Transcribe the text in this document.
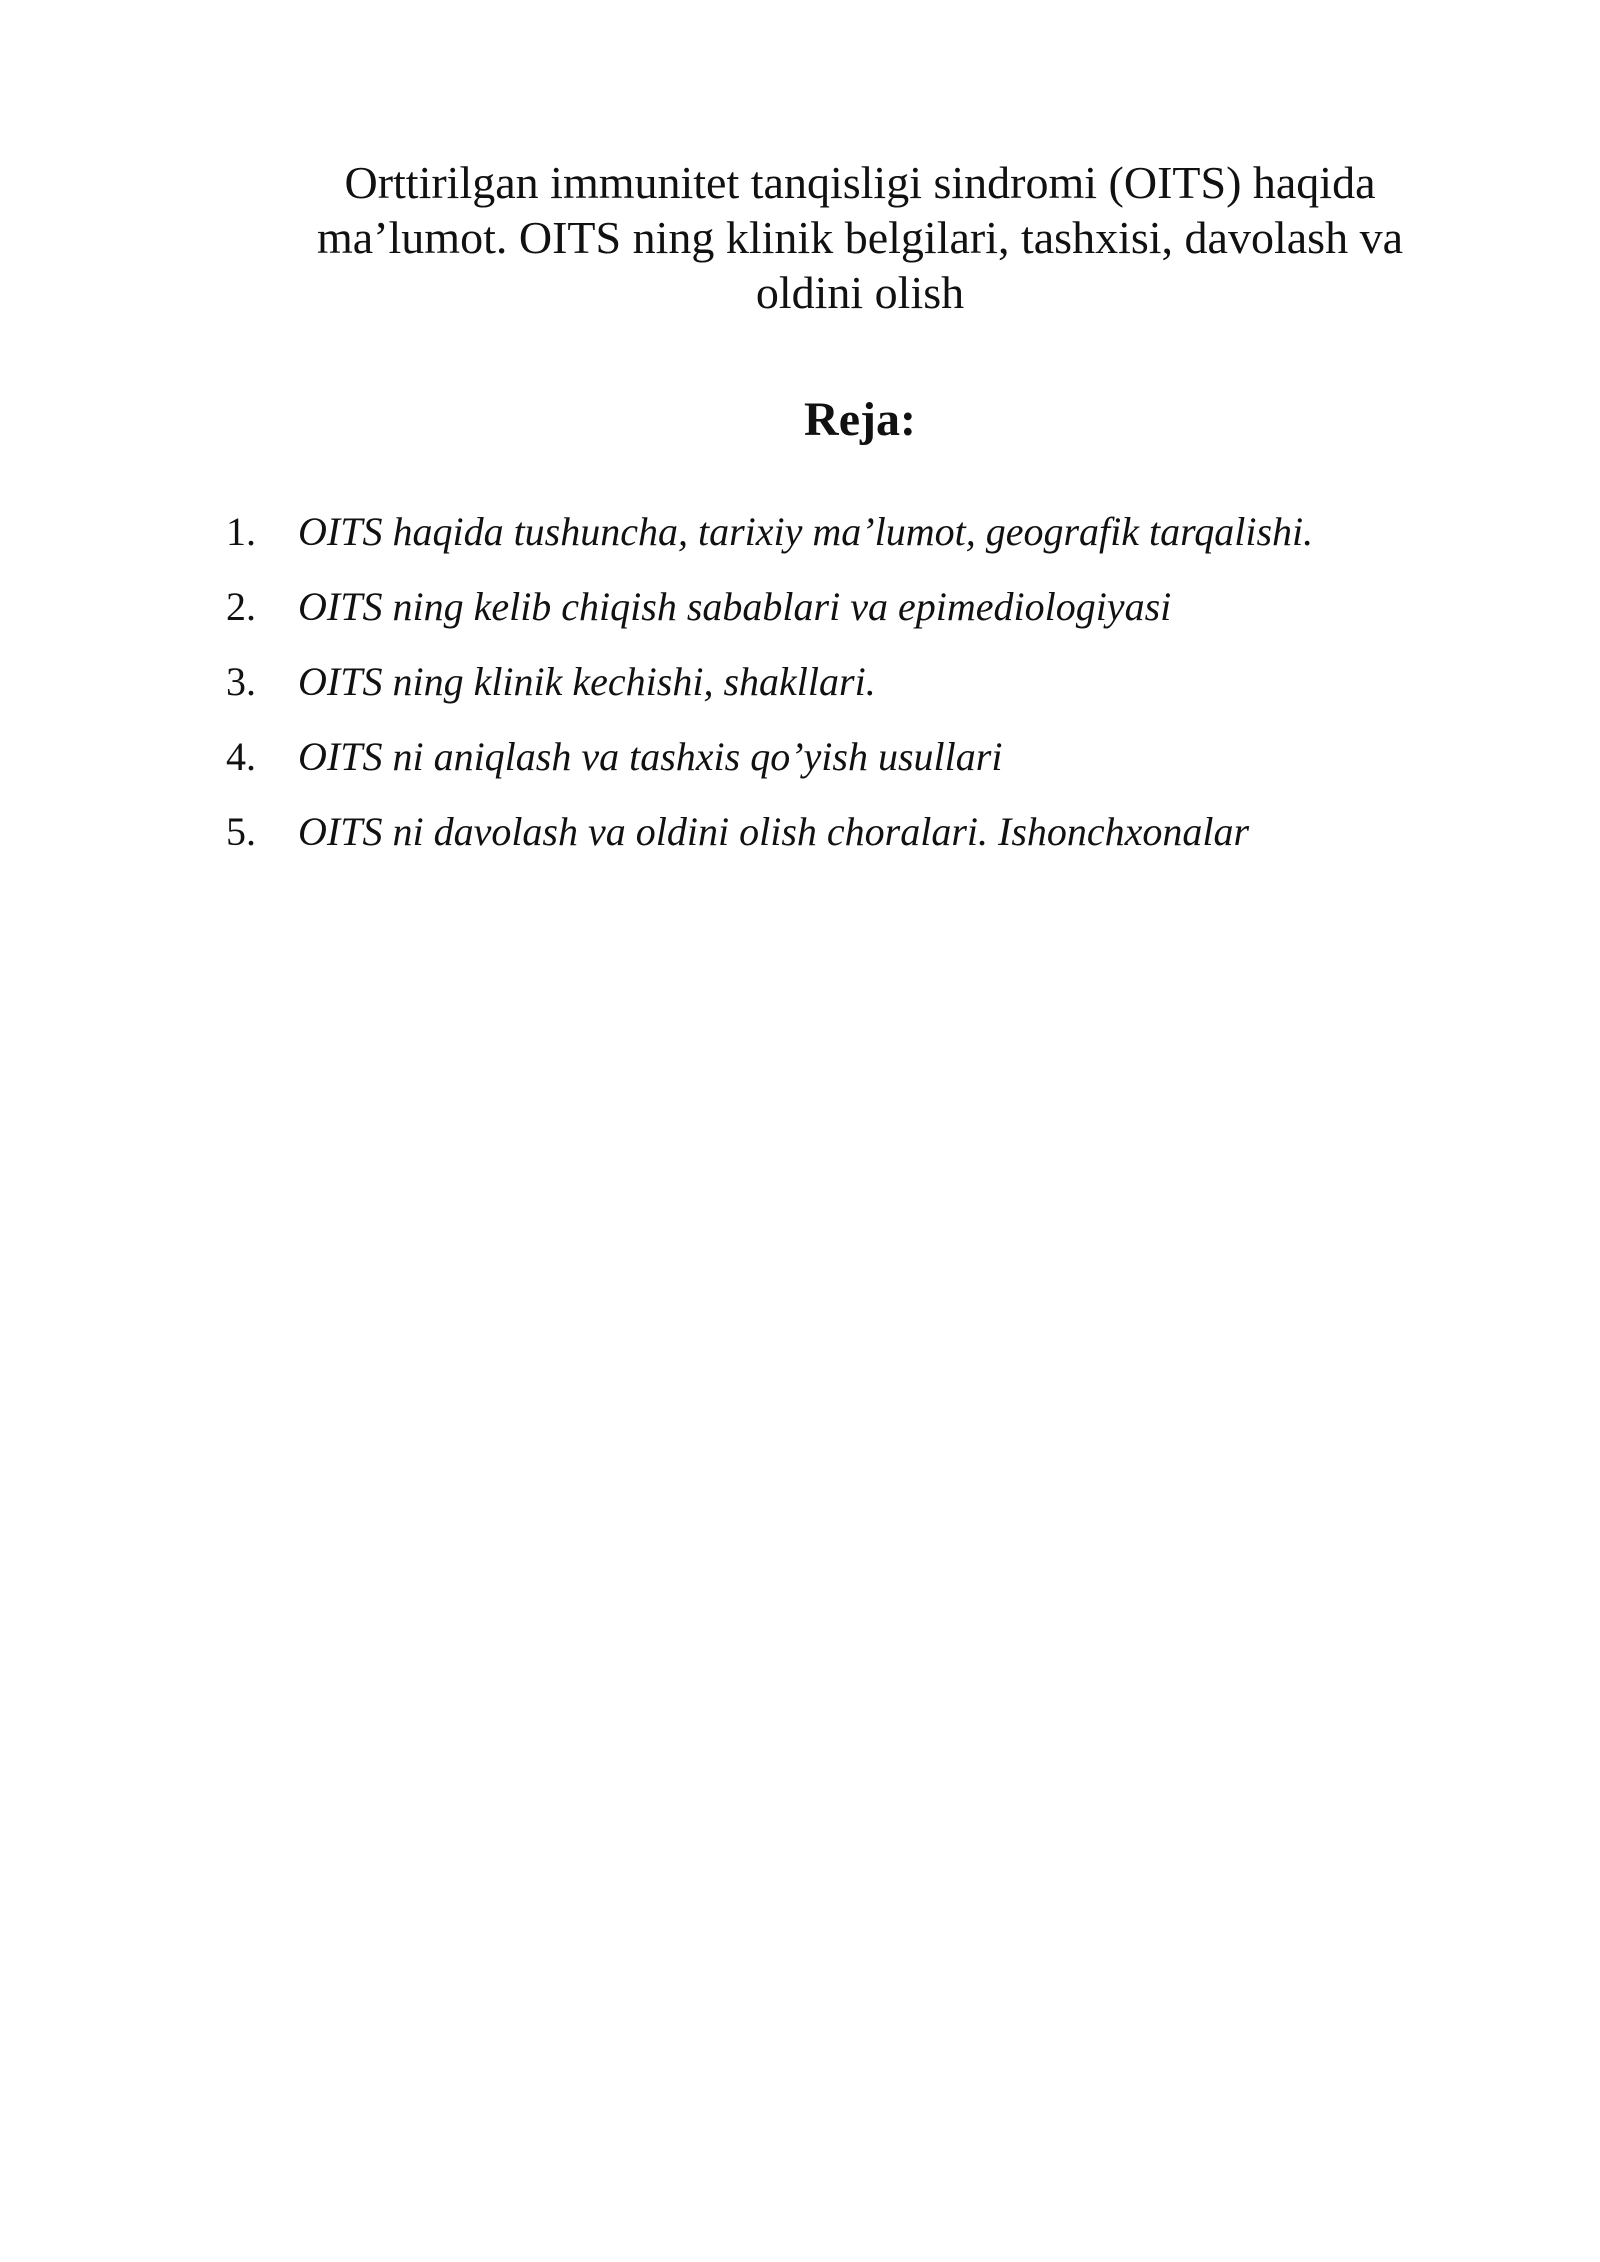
Orttirilgan immunitet tanqisligi sindromi (OITS) haqida
ma’lumot. OITS ning klinik belgilari, tashxisi, davolash va
oldini olish
Reja:
1.	OITS haqida tushuncha, tarixiy ma’lumot, geografik tarqalishi.
2.	OITS ning kelib chiqish sabablari va epimediologiyasi
3.	OITS ning klinik kechishi, shakllari.
4.	OITS ni aniqlash va tashxis qo’yish usullari
5.	OITS ni davolash va oldini olish choralari. Ishonchxonalar
